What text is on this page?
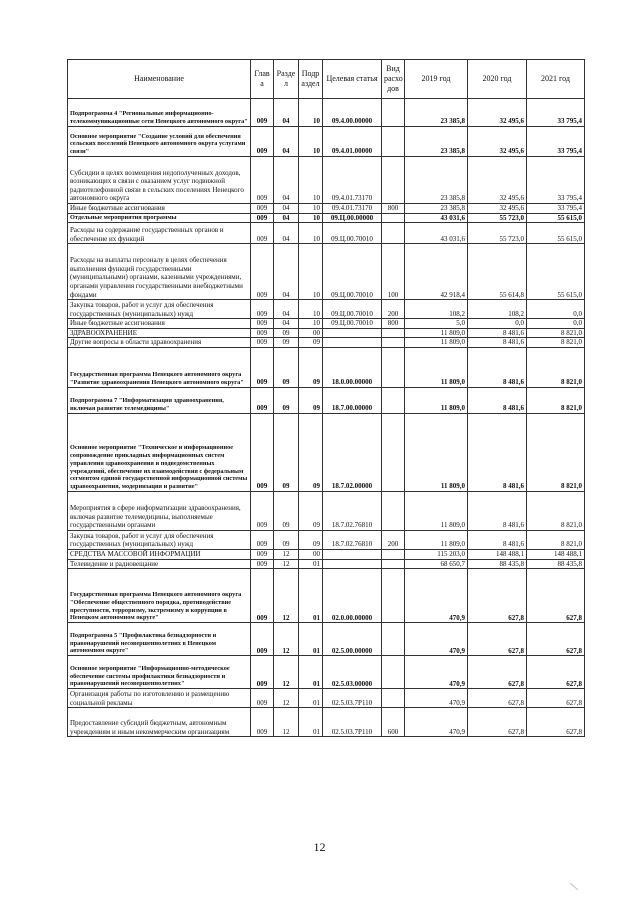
Наименование	Глав а	Разде л	Подр аздел	Целевая статья	Вид расхо дов	2019 год	2020 год	2021 год
Подпрограмма 4 "Региональные информационно-телекоммуникационные сети Ненецкого автономного округа"	009	04	10	09.4.00.00000		23 385,8	32 495,6	33 795,4
Основное мероприятие "Создание условий для обеспечения сельских поселений Ненецкого автономного округа услугами связи"	009	04	10	09.4.01.00000		23 385,8	32 495,6	33 795,4
Субсидии в целях возмещения недополученных доходов, возникающих в связи с оказанием услуг подвижной радиотелефонной связи в сельских поселениях Ненецкого автономного округа	009	04	10	09.4.01.73170		23 385,8	32 495,6	33 795,4
Иные бюджетные ассигнования	009	04	10	09.4.01.73170	800	23 385,8	32 495,6	33 795,4
Отдельные мероприятия программы	009	04	10	09.Ц.00.00000		43 031,6	55 723,0	55 615,0
Расходы на содержание государственных органов и обеспечение их функций	009	04	10	09.Ц.00.70010		43 031,6	55 723,0	55 615,0
Расходы на выплаты персоналу в целях обеспечения выполнения функций государственными (муниципальными) органами, казенными учреждениями, органами управления государственными внебюджетными фондами	009	04	10	09.Ц.00.70010	100	42 918,4	55 614,8	55 615,0
Закупка товаров, работ и услуг для обеспечения государственных (муниципальных) нужд	009	04	10	09.Ц.00.70010	200	108,2	108,2	0,0
Иные бюджетные ассигнования	009	04	10	09.Ц.00.70010	800	5,0	0,0	0,0
ЗДРАВООХРАНЕНИЕ	009	09	00			11 809,0	8 481,6	8 821,0
Другие вопросы в области здравоохранения	009	09	09			11 809,0	8 481,6	8 821,0
Государственная программа Ненецкого автономного округа "Развитие здравоохранения Ненецкого автономного округа"	009	09	09	18.0.00.00000		11 809,0	8 481,6	8 821,0
Подпрограмма 7 "Информатизация здравоохранения, включая развитие телемедицины"	009	09	09	18.7.00.00000		11 809,0	8 481,6	8 821,0
Основное мероприятие "Техническое и информационное сопровождение прикладных информационных систем управления здравоохранения и подведомственных учреждений, обеспечение их взаимодействия с федеральным сегментом единой государственной информационной системы здравоохранения, модернизация и развитие"	009	09	09	18.7.02.00000		11 809,0	8 481,6	8 821,0
Мероприятия в сфере информатизации здравоохранения, включая развитие телемедицины, выполняемые государственными органами	009	09	09	18.7.02.76810		11 809,0	8 481,6	8 821,0
Закупка товаров, работ и услуг для обеспечения государственных (муниципальных) нужд	009	09	09	18.7.02.76810	200	11 809,0	8 481,6	8 821,0
СРЕДСТВА МАССОВОЙ ИНФОРМАЦИИ	009	12	00			115 203,0	148 488,1	148 488,1
Телевидение и радиовещание	009	12	01			68 650,7	88 435,8	88 435,8
Государственная программа Ненецкого автономного округа "Обеспечение общественного порядка, противодействие преступности, терроризму, экстремизму и коррупции в Ненецком автономном округе"	009	12	01	02.0.00.00000		470,9	627,8	627,8
Подпрограмма 5 "Профилактика безнадзорности и правонарушений несовершеннолетних в Ненецком автономном округе"	009	12	01	02.5.00.00000		470,9	627,8	627,8
Основное мероприятие "Информационно-методическое обеспечение системы профилактики безнадзорности и правонарушений несовершеннолетних"	009	12	01	02.5.03.00000		470,9	627,8	627,8
Организация работы по изготовлению и размещению социальной рекламы	009	12	01	02.5.03.7Р110		470,9	627,8	627,8
Предоставление субсидий бюджетным, автономным учреждениям и иным некоммерческим организациям	009	12	01	02.5.03.7Р110	600	470,9	627,8	627,8
12
